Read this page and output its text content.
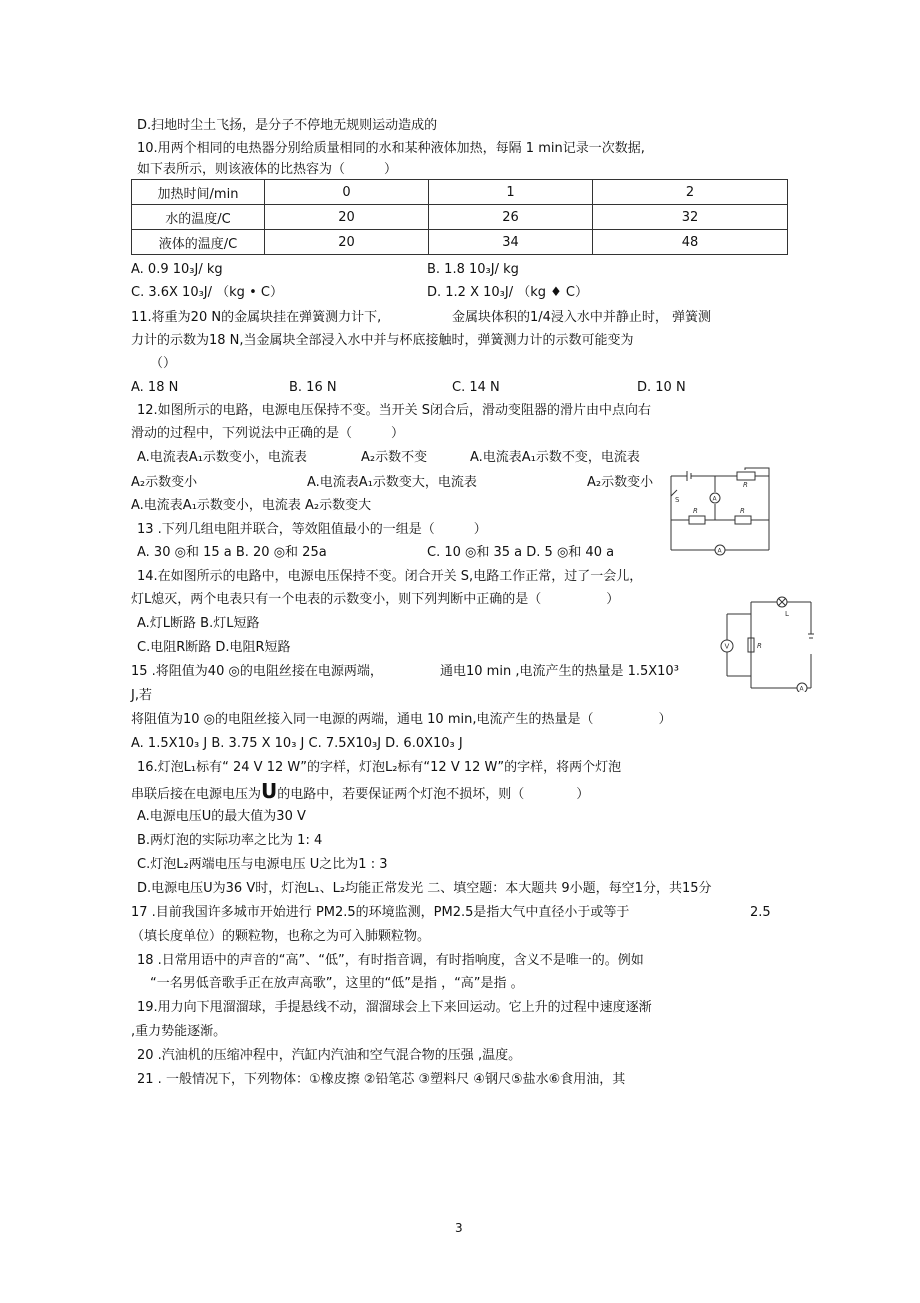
D.扫地时尘土飞扬，是分子不停地无规则运动造成的
10.用两个相同的电热器分别给质量相同的水和某种液体加热，每隔 1 min记录一次数据,
如下表所示，则该液体的比热容为（　　　）
加热时间/min	0	1	2
水的温度/C	20	26	32
液体的温度/C	20	34	48
A. 0.9 10₃J/ kg	B. 1.8 10₃J/ kg
C. 3.6X 10₃J/ （kg • C）	D. 1.2 X 10₃J/ （kg ♦ C）
11.将重为20 N的金属块挂在弹簧测力计下,	金属块体积的1/4浸入水中并静止时， 弹簧测
力计的示数为18 N,当金属块全部浸入水中并与杯底接触时，弹簧测力计的示数可能变为
（）
A. 18 N	B. 16 N	C. 14 N	D. 10 N
12.如图所示的电路，电源电压保持不变。当开关 S闭合后，滑动变阻器的滑片由中点向右
滑动的过程中，下列说法中正确的是（　　　）
A.电流表A₁示数变小，电流表	A₂示数不变	A.电流表A₁示数不变，电流表
A₂示数变小	A.电流表A₁示数变大，电流表	A₂示数变小
A.电流表A₁示数变小，电流表 A₂示数变大
R
R	R
S	A
A
13 .下列几组电阻并联合，等效阻值最小的一组是（　　　）
A. 30 ◎和 15 a B. 20 ◎和 25a	C. 10 ◎和 35 a D. 5 ◎和 40 a
14.在如图所示的电路中，电源电压保持不变。闭合开关 S,电路工作正常，过了一会儿，
灯L熄灭，两个电表只有一个电表的示数变小，则下列判断中正确的是（　　　　　）
A.灯L断路 B.灯L短路
C.电阻R断路 D.电阻R短路
L
R
V
A
15 .将阻值为40 ◎的电阻丝接在电源两端，	通电10 min ,电流产生的热量是 1.5X10³
J,若
将阻值为10 ◎的电阻丝接入同一电源的两端，通电 10 min,电流产生的热量是（　　　　　）
A. 1.5X10₃ J B. 3.75 X 10₃ J C. 7.5X10₃J D. 6.0X10₃ J
16.灯泡L₁标有“ 24 V 12 W”的字样，灯泡L₂标有“12 V 12 W”的字样，将两个灯泡
串联后接在电源电压为U的电路中，若要保证两个灯泡不损坏，则（　　　　）
A.电源电压U的最大值为30 V
B.两灯泡的实际功率之比为 1: 4
C.灯泡L₂两端电压与电源电压 U之比为1 : 3
D.电源电压U为36 V时，灯泡L₁、L₂均能正常发光 二、填空题：本大题共 9小题，每空1分，共15分
17 .目前我国许多城市开始进行 PM2.5的环境监测，PM2.5是指大气中直径小于或等于	2.5
（填长度单位）的颗粒物，也称之为可入肺颗粒物。
18 .日常用语中的声音的“高”、“低”，有时指音调，有时指响度，含义不是唯一的。例如
“一名男低音歌手正在放声高歌”，这里的“低”是指 ，“高”是指 。
19.用力向下甩溜溜球，手提悬线不动，溜溜球会上下来回运动。它上升的过程中速度逐渐
,重力势能逐渐。
20 .汽油机的压缩冲程中，汽缸内汽油和空气混合物的压强 ,温度。
21 . 一般情况下，下列物体：①橡皮擦 ②铅笔芯 ③塑料尺 ④钢尺⑤盐水⑥食用油，其
3
